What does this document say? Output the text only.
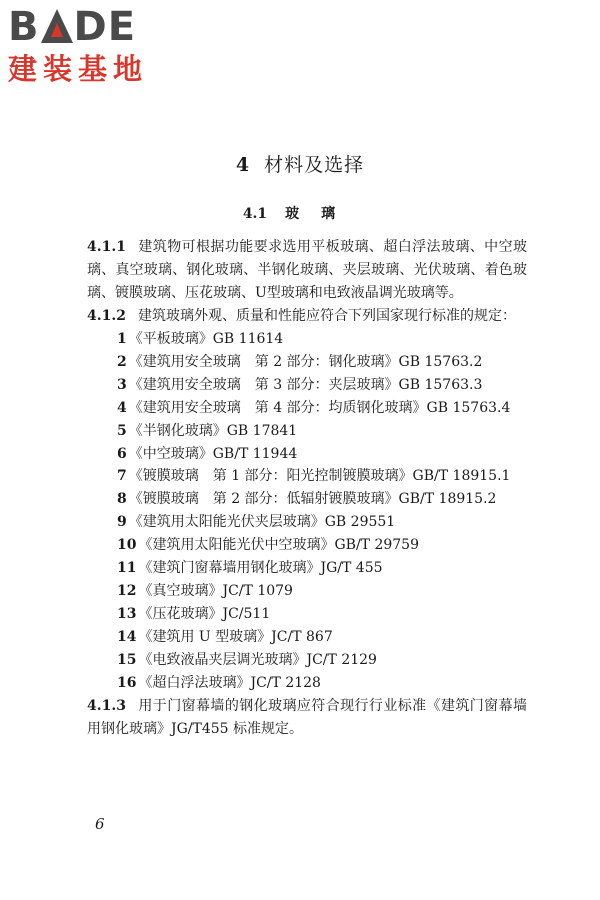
B DE
建装基地
4 材料及选择
4.1 玻璃
4.1.1 建筑物可根据功能要求选用平板玻璃、超白浮法玻璃、中空玻璃、真空玻璃、钢化玻璃、半钢化玻璃、夹层玻璃、光伏玻璃、着色玻璃、镀膜玻璃、压花玻璃、U型玻璃和电致液晶调光玻璃等。
4.1.2 建筑玻璃外观、质量和性能应符合下列国家现行标准的规定：
1 《平板玻璃》GB 11614
2 《建筑用安全玻璃　第 2 部分：钢化玻璃》GB 15763.2
3 《建筑用安全玻璃　第 3 部分：夹层玻璃》GB 15763.3
4 《建筑用安全玻璃　第 4 部分：均质钢化玻璃》GB 15763.4
5 《半钢化玻璃》GB 17841
6 《中空玻璃》GB/T 11944
7 《镀膜玻璃　第 1 部分：阳光控制镀膜玻璃》GB/T 18915.1
8 《镀膜玻璃　第 2 部分：低辐射镀膜玻璃》GB/T 18915.2
9 《建筑用太阳能光伏夹层玻璃》GB 29551
10 《建筑用太阳能光伏中空玻璃》GB/T 29759
11 《建筑门窗幕墙用钢化玻璃》JG/T 455
12 《真空玻璃》JC/T 1079
13 《压花玻璃》JC/511
14 《建筑用 U 型玻璃》JC/T 867
15 《电致液晶夹层调光玻璃》JC/T 2129
16 《超白浮法玻璃》JC/T 2128
4.1.3 用于门窗幕墙的钢化玻璃应符合现行行业标准《建筑门窗幕墙用钢化玻璃》JG/T455 标准规定。
6
